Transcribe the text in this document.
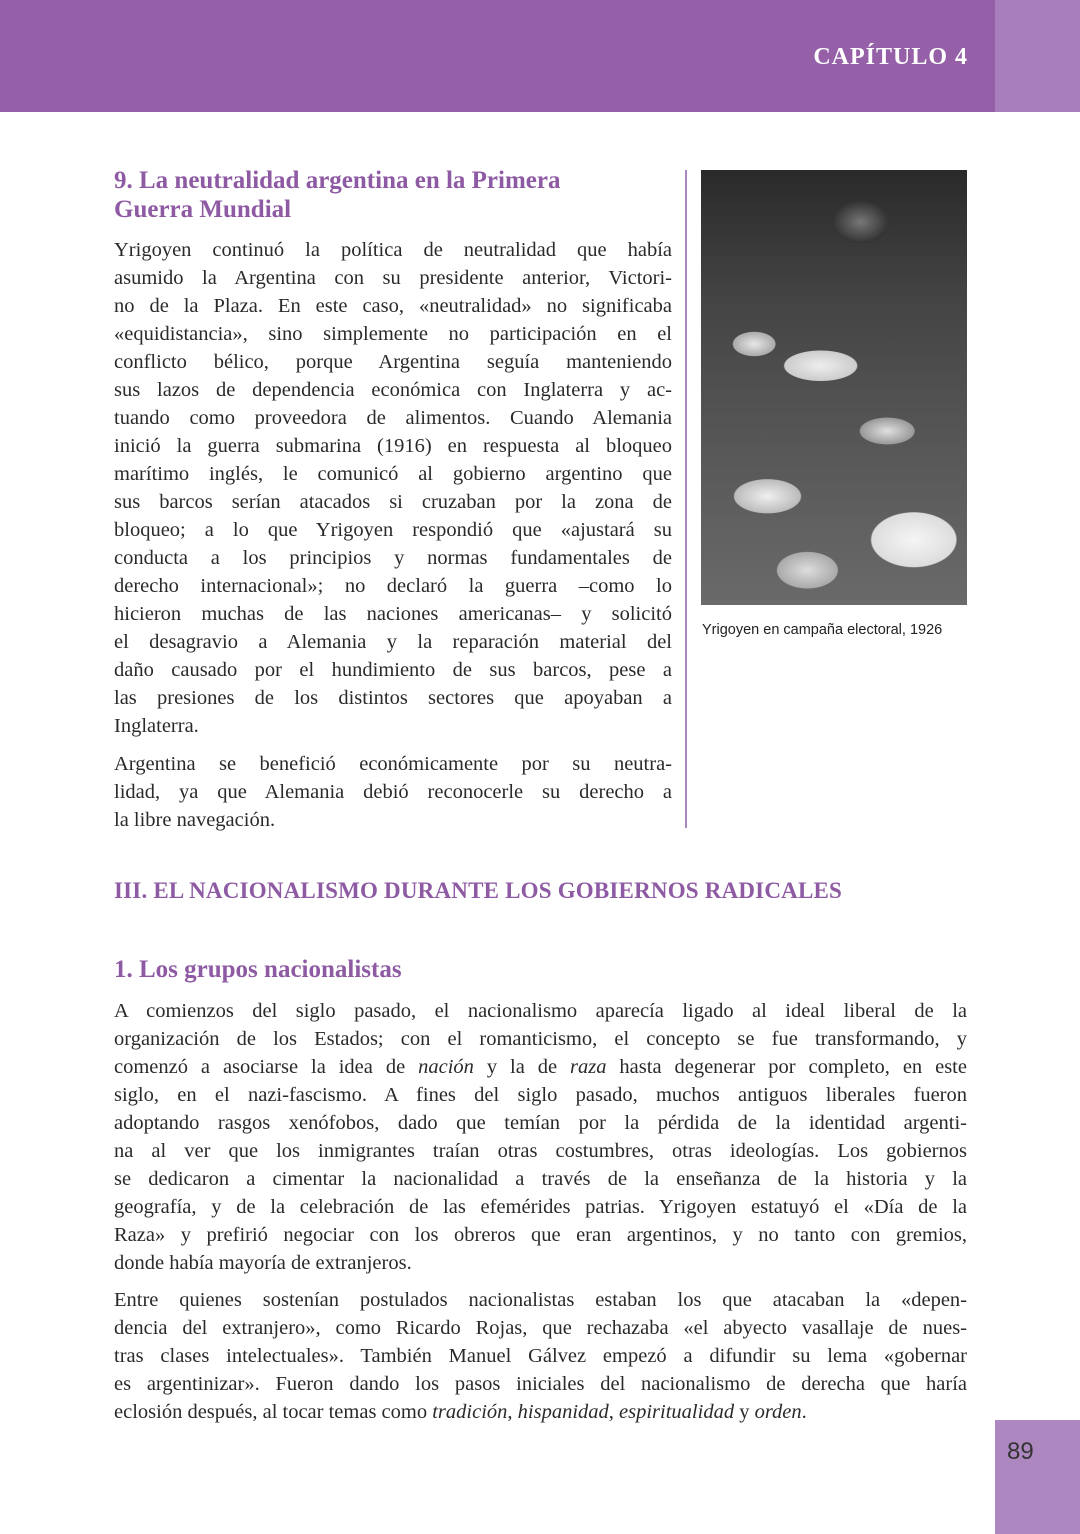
CAPÍTULO 4
9. La neutralidad argentina en la Primera
Guerra Mundial
Yrigoyen continuó la política de neutralidad que había
asumido la Argentina con su presidente anterior, Victori-
no de la Plaza. En este caso, «neutralidad» no significaba
«equidistancia», sino simplemente no participación en el
conflicto bélico, porque Argentina seguía manteniendo
sus lazos de dependencia económica con Inglaterra y ac-
tuando como proveedora de alimentos. Cuando Alemania
inició la guerra submarina (1916) en respuesta al bloqueo
marítimo inglés, le comunicó al gobierno argentino que
sus barcos serían atacados si cruzaban por la zona de
bloqueo; a lo que Yrigoyen respondió que «ajustará su
conducta a los principios y normas fundamentales de
derecho internacional»; no declaró la guerra –como lo
hicieron muchas de las naciones americanas– y solicitó
el desagravio a Alemania y la reparación material del
daño causado por el hundimiento de sus barcos, pese a
las presiones de los distintos sectores que apoyaban a
Inglaterra.
Argentina se benefició económicamente por su neutra-
lidad, ya que Alemania debió reconocerle su derecho a
la libre navegación.
Yrigoyen en campaña electoral, 1926
III. EL NACIONALISMO DURANTE LOS GOBIERNOS RADICALES
1. Los grupos nacionalistas
A comienzos del siglo pasado, el nacionalismo aparecía ligado al ideal liberal de la
organización de los Estados; con el romanticismo, el concepto se fue transformando, y
comenzó a asociarse la idea de nación y la de raza hasta degenerar por completo, en este
siglo, en el nazi-fascismo. A fines del siglo pasado, muchos antiguos liberales fueron
adoptando rasgos xenófobos, dado que temían por la pérdida de la identidad argenti-
na al ver que los inmigrantes traían otras costumbres, otras ideologías. Los gobiernos
se dedicaron a cimentar la nacionalidad a través de la enseñanza de la historia y la
geografía, y de la celebración de las efemérides patrias. Yrigoyen estatuyó el «Día de la
Raza» y prefirió negociar con los obreros que eran argentinos, y no tanto con gremios,
donde había mayoría de extranjeros.
Entre quienes sostenían postulados nacionalistas estaban los que atacaban la «depen-
dencia del extranjero», como Ricardo Rojas, que rechazaba «el abyecto vasallaje de nues-
tras clases intelectuales». También Manuel Gálvez empezó a difundir su lema «gobernar
es argentinizar». Fueron dando los pasos iniciales del nacionalismo de derecha que haría
eclosión después, al tocar temas como tradición, hispanidad, espiritualidad y orden.
89
